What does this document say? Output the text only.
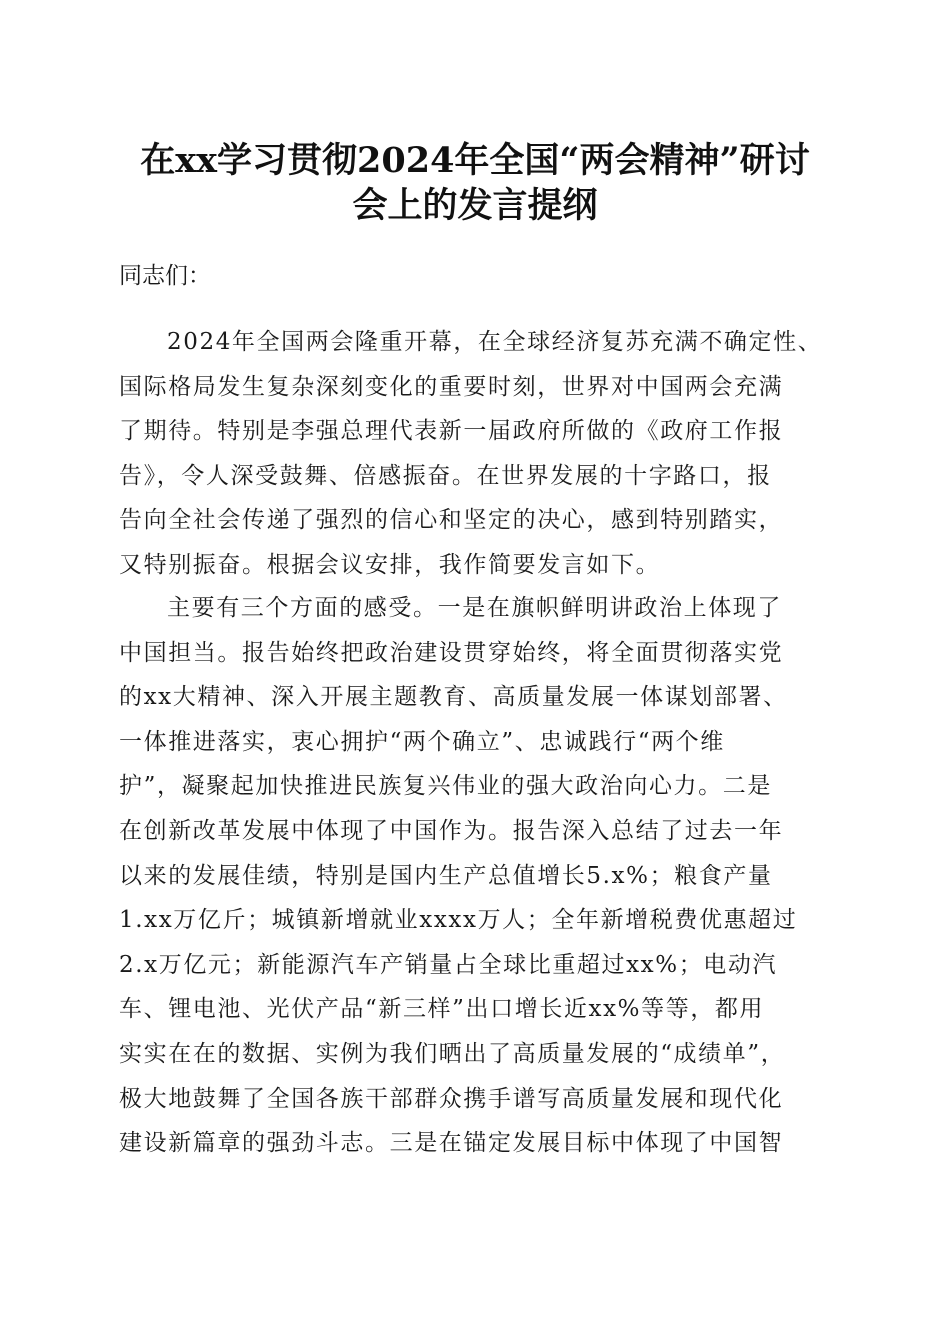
在xx学习贯彻2024年全国“两会精神”研讨
会上的发言提纲

同志们：

2024年全国两会隆重开幕，在全球经济复苏充满不确定性、
国际格局发生复杂深刻变化的重要时刻，世界对中国两会充满
了期待。特别是李强总理代表新一届政府所做的《政府工作报
告》，令人深受鼓舞、倍感振奋。在世界发展的十字路口，报
告向全社会传递了强烈的信心和坚定的决心，感到特别踏实，
又特别振奋。根据会议安排，我作简要发言如下。
主要有三个方面的感受。一是在旗帜鲜明讲政治上体现了
中国担当。报告始终把政治建设贯穿始终，将全面贯彻落实党
的xx大精神、深入开展主题教育、高质量发展一体谋划部署、
一体推进落实，衷心拥护“两个确立”、忠诚践行“两个维
护”，凝聚起加快推进民族复兴伟业的强大政治向心力。二是
在创新改革发展中体现了中国作为。报告深入总结了过去一年
以来的发展佳绩，特别是国内生产总值增长5.x%；粮食产量
1.xx万亿斤；城镇新增就业xxxx万人；全年新增税费优惠超过
2.x万亿元；新能源汽车产销量占全球比重超过xx%；电动汽
车、锂电池、光伏产品“新三样”出口增长近xx%等等，都用
实实在在的数据、实例为我们晒出了高质量发展的“成绩单”，
极大地鼓舞了全国各族干部群众携手谱写高质量发展和现代化
建设新篇章的强劲斗志。三是在锚定发展目标中体现了中国智
